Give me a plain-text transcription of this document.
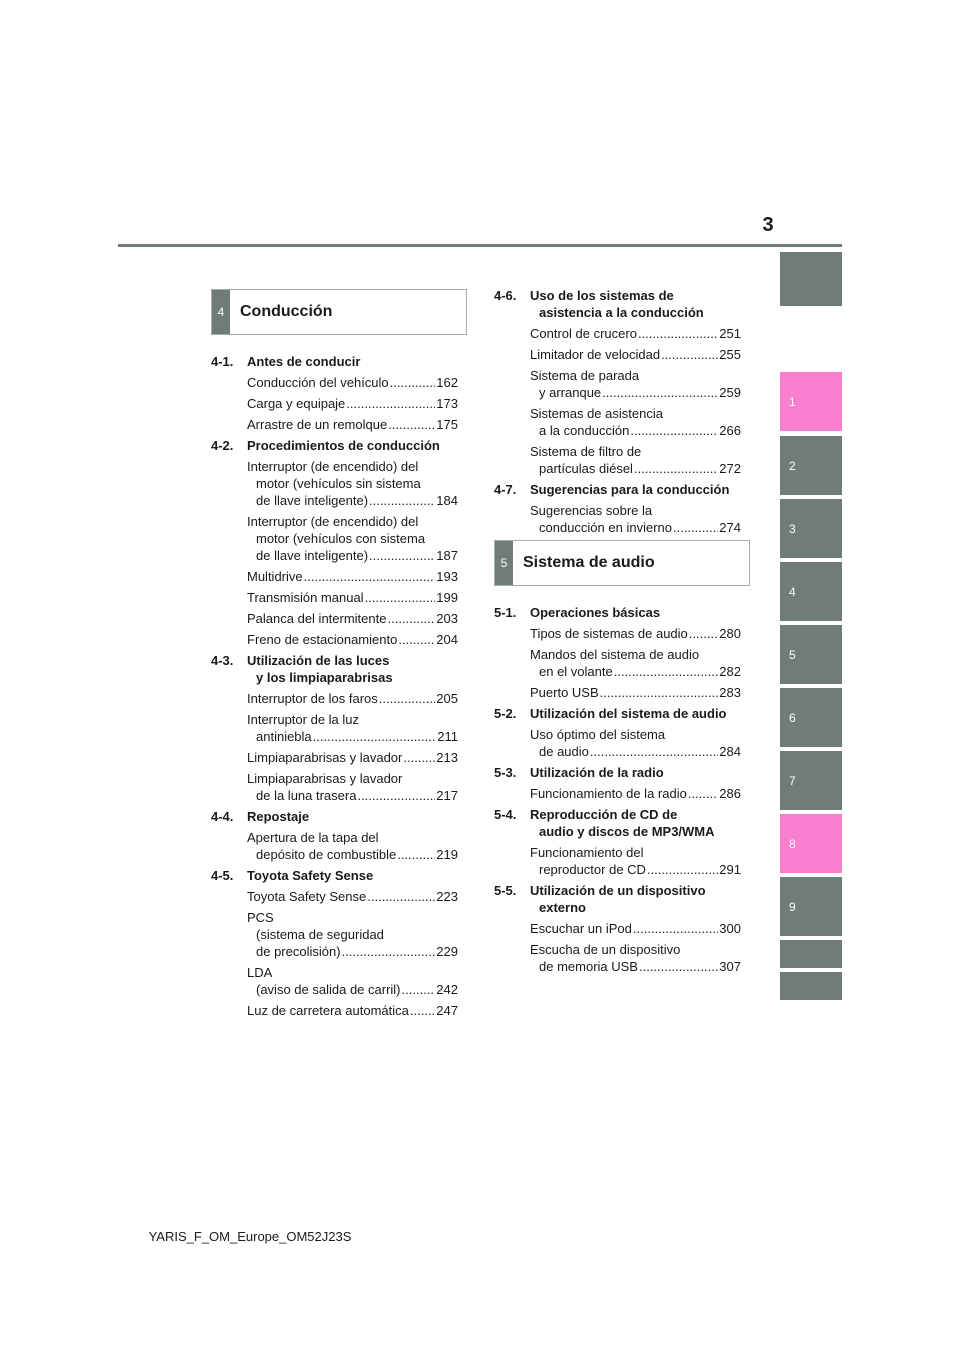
3
1
2
3
4
5
6
7
8
9
4 Conducción
5 Sistema de audio
4-1. Antes de conducir
Conducción del vehículo .....	162
Carga y equipaje .....	173
Arrastre de un remolque .....	175
4-2. Procedimientos de conducción
Interruptor (de encendido) del
motor (vehículos sin sistema
de llave inteligente) .....	184
Interruptor (de encendido) del
motor (vehículos con sistema
de llave inteligente) .....	187
Multidrive .....	193
Transmisión manual .....	199
Palanca del intermitente .....	203
Freno de estacionamiento .....	204
4-3. Utilización de las luces
y los limpiaparabrisas
Interruptor de los faros .....	205
Interruptor de la luz
antiniebla .....	211
Limpiaparabrisas y lavador .....	213
Limpiaparabrisas y lavador
de la luna trasera .....	217
4-4. Repostaje
Apertura de la tapa del
depósito de combustible .....	219
4-5. Toyota Safety Sense
Toyota Safety Sense .....	223
PCS
(sistema de seguridad
de precolisión) .....	229
LDA
(aviso de salida de carril) .....	242
Luz de carretera automática ..... 247
4-6. Uso de los sistemas de
asistencia a la conducción
Control de crucero .....	251
Limitador de velocidad .....	255
Sistema de parada
y arranque .....	259
Sistemas de asistencia
a la conducción .....	266
Sistema de filtro de
partículas diésel .....	272
4-7. Sugerencias para la conducción
Sugerencias sobre la
conducción en invierno .....	274
5-1. Operaciones básicas
Tipos de sistemas de audio ..... 280
Mandos del sistema de audio
en el volante .....	282
Puerto USB .....	283
5-2. Utilización del sistema de audio
Uso óptimo del sistema
de audio .....	284
5-3. Utilización de la radio
Funcionamiento de la radio ..... 286
5-4. Reproducción de CD de
audio y discos de MP3/WMA
Funcionamiento del
reproductor de CD .....	291
5-5. Utilización de un dispositivo
externo
Escuchar un iPod .....	300
Escucha de un dispositivo
de memoria USB .....	307
YARIS_F_OM_Europe_OM52J23S
